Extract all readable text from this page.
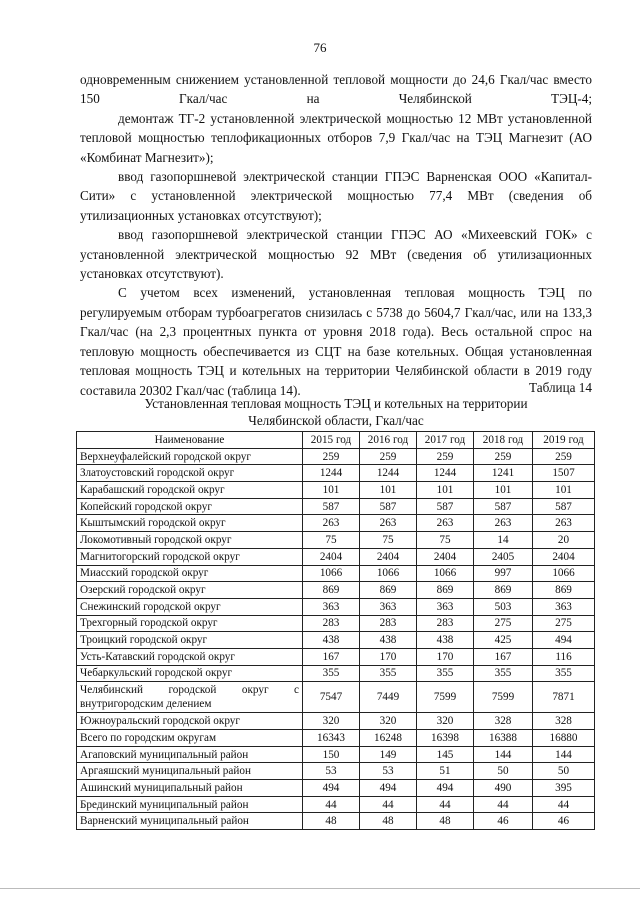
76

одновременным снижением установленной тепловой мощности до 24,6 Гкал/час вместо 150 Гкал/час на Челябинской ТЭЦ-4;

демонтаж ТГ-2 установленной электрической мощностью 12 МВт установленной тепловой мощностью теплофикационных отборов 7,9 Гкал/час на ТЭЦ Магнезит (АО «Комбинат Магнезит»);

ввод газопоршневой электрической станции ГПЭС Варненская ООО «Капитал-Сити» с установленной электрической мощностью 77,4 МВт (сведения об утилизационных установках отсутствуют);

ввод газопоршневой электрической станции ГПЭС АО «Михеевский ГОК» с установленной электрической мощностью 92 МВт (сведения об утилизационных установках отсутствуют).

С учетом всех изменений, установленная тепловая мощность ТЭЦ по регулируемым отборам турбоагрегатов снизилась с 5738 до 5604,7 Гкал/час, или на 133,3 Гкал/час (на 2,3 процентных пункта от уровня 2018 года). Весь остальной спрос на тепловую мощность обеспечивается из СЦТ на базе котельных. Общая установленная тепловая мощность ТЭЦ и котельных на территории Челябинской области в 2019 году составила 20302 Гкал/час (таблица 14).	Таблица 14
Установленная тепловая мощность ТЭЦ и котельных на территории
Челябинской области, Гкал/час
Наименование	2015 год	2016 год	2017 год	2018 год	2019 год
Верхнеуфалейский городской округ	259	259	259	259	259
Златоустовский городской округ	1244	1244	1244	1241	1507
Карабашский городской округ	101	101	101	101	101
Копейский городской округ	587	587	587	587	587
Кыштымский городской округ	263	263	263	263	263
Локомотивный городской округ	75	75	75	14	20
Магнитогорский городской округ	2404	2404	2404	2405	2404
Миасский городской округ	1066	1066	1066	997	1066
Озерский городской округ	869	869	869	869	869
Снежинский городской округ	363	363	363	503	363
Трехгорный городской округ	283	283	283	275	275
Троицкий городской округ	438	438	438	425	494
Усть-Катавский городской округ	167	170	170	167	116
Чебаркульский городской округ	355	355	355	355	355
Челябинский городской округ с внутригородским делением	7547	7449	7599	7599	7871
Южноуральский городской округ	320	320	320	328	328
Всего по городским округам	16343	16248	16398	16388	16880
Агаповский муниципальный район	150	149	145	144	144
Аргаяшский муниципальный район	53	53	51	50	50
Ашинский муниципальный район	494	494	494	490	395
Брединский муниципальный район	44	44	44	44	44
Варненский муниципальный район	48	48	48	46	46
